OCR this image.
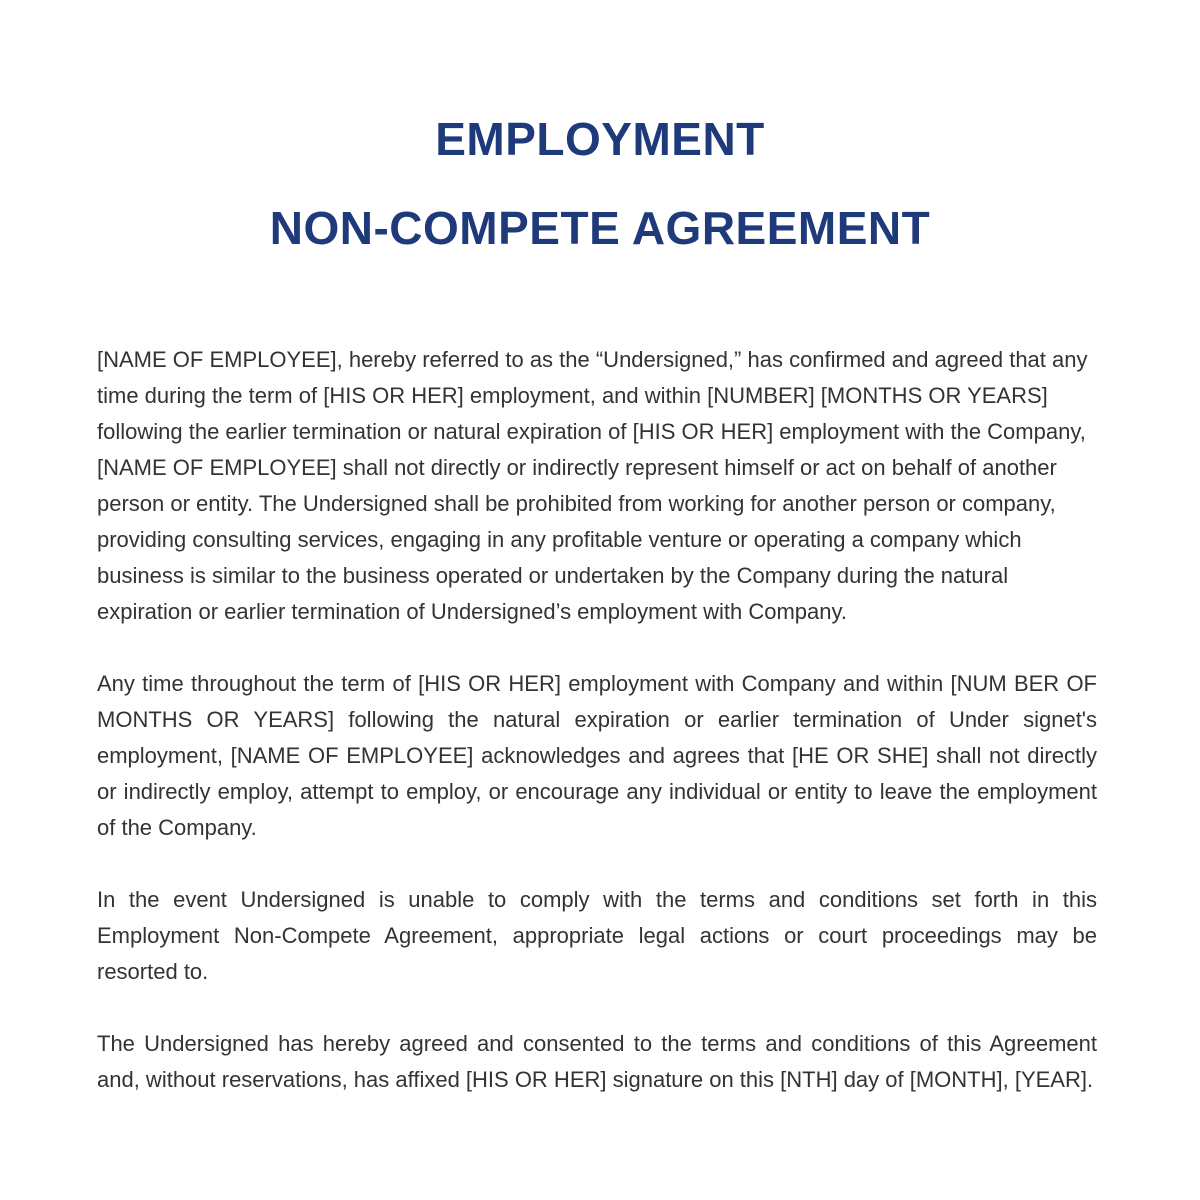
EMPLOYMENT
NON-COMPETE AGREEMENT

[NAME OF EMPLOYEE], hereby referred to as the “Undersigned,” has confirmed and agreed that any time during the term of [HIS OR HER] employment, and within [NUMBER] [MONTHS OR YEARS] following the earlier termination or natural expiration of [HIS OR HER] employment with the Company, [NAME OF EMPLOYEE] shall not directly or indirectly represent himself or act on behalf of another person or entity. The Undersigned shall be prohibited from working for another person or company, providing consulting services, engaging in any profitable venture or operating a company which business is similar to the business operated or undertaken by the Company during the natural expiration or earlier termination of Undersigned’s employment with Company.

Any time throughout the term of [HIS OR HER] employment with Company and within [NUM BER OF MONTHS OR YEARS] following the natural expiration or earlier termination of Under signet's employment, [NAME OF EMPLOYEE] acknowledges and agrees that [HE OR SHE] shall not directly or indirectly employ, attempt to employ, or encourage any individual or entity to leave the employment of the Company.

In the event Undersigned is unable to comply with the terms and conditions set forth in this Employment Non-Compete Agreement, appropriate legal actions or court proceedings may be resorted to.

The Undersigned has hereby agreed and consented to the terms and conditions of this Agreement and, without reservations, has affixed [HIS OR HER] signature on this [NTH] day of [MONTH], [YEAR].
